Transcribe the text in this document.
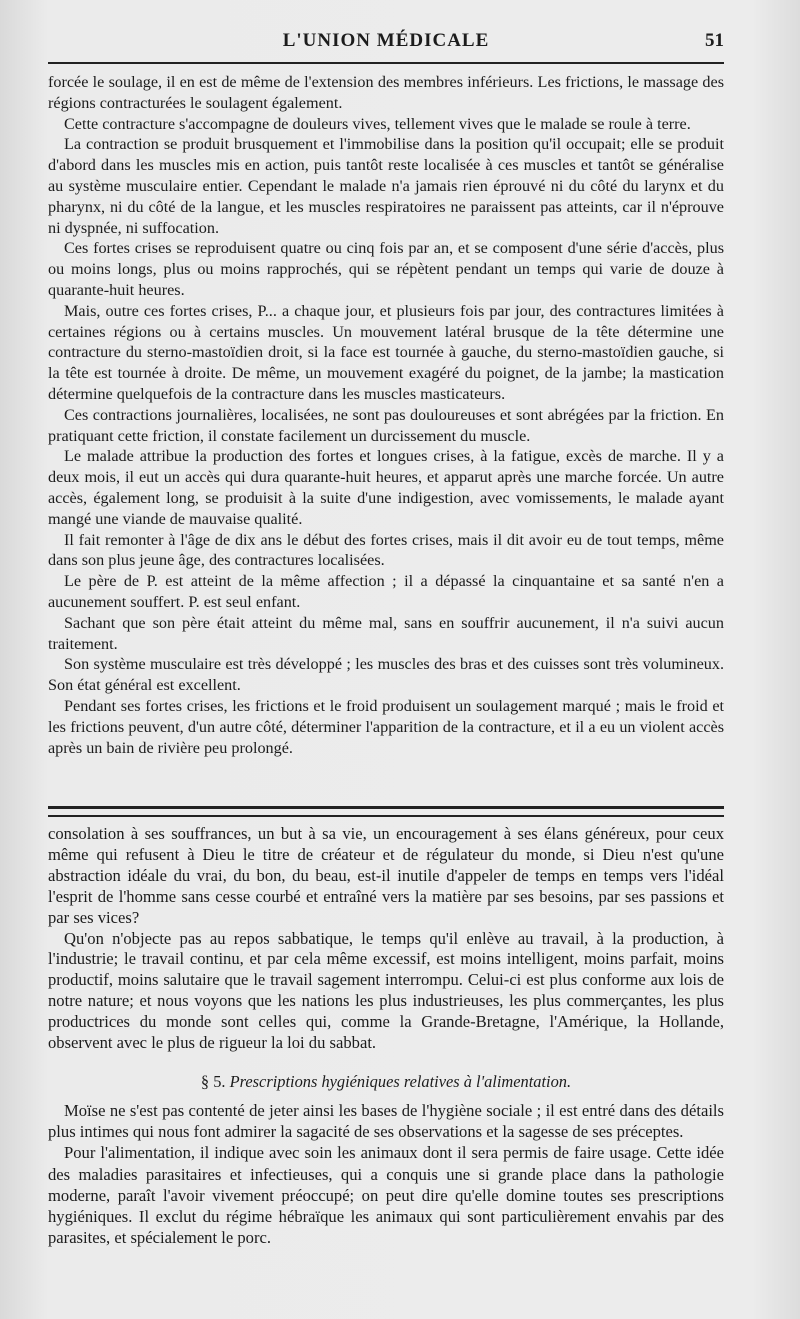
L'UNION MÉDICALE	51

forcée le soulage, il en est de même de l'extension des membres inférieurs. Les frictions, le massage des régions contracturées le soulagent également.

Cette contracture s'accompagne de douleurs vives, tellement vives que le malade se roule à terre.

La contraction se produit brusquement et l'immobilise dans la position qu'il occupait; elle se produit d'abord dans les muscles mis en action, puis tantôt reste localisée à ces muscles et tantôt se généralise au système musculaire entier. Cependant le malade n'a jamais rien éprouvé ni du côté du larynx et du pharynx, ni du côté de la langue, et les muscles respiratoires ne paraissent pas atteints, car il n'éprouve ni dyspnée, ni suffocation.

Ces fortes crises se reproduisent quatre ou cinq fois par an, et se composent d'une série d'accès, plus ou moins longs, plus ou moins rapprochés, qui se répètent pendant un temps qui varie de douze à quarante-huit heures.

Mais, outre ces fortes crises, P... a chaque jour, et plusieurs fois par jour, des contractures limitées à certaines régions ou à certains muscles. Un mouvement latéral brusque de la tête détermine une contracture du sterno-mastoïdien droit, si la face est tournée à gauche, du sterno-mastoïdien gauche, si la tête est tournée à droite. De même, un mouvement exagéré du poignet, de la jambe; la mastication détermine quelquefois de la contracture dans les muscles masticateurs.

Ces contractions journalières, localisées, ne sont pas douloureuses et sont abrégées par la friction. En pratiquant cette friction, il constate facilement un durcissement du muscle.

Le malade attribue la production des fortes et longues crises, à la fatigue, excès de marche. Il y a deux mois, il eut un accès qui dura quarante-huit heures, et apparut après une marche forcée. Un autre accès, également long, se produisit à la suite d'une indigestion, avec vomissements, le malade ayant mangé une viande de mauvaise qualité.

Il fait remonter à l'âge de dix ans le début des fortes crises, mais il dit avoir eu de tout temps, même dans son plus jeune âge, des contractures localisées.

Le père de P. est atteint de la même affection ; il a dépassé la cinquantaine et sa santé n'en a aucunement souffert. P. est seul enfant.

Sachant que son père était atteint du même mal, sans en souffrir aucunement, il n'a suivi aucun traitement.

Son système musculaire est très développé ; les muscles des bras et des cuisses sont très volumineux. Son état général est excellent.

Pendant ses fortes crises, les frictions et le froid produisent un soulagement marqué ; mais le froid et les frictions peuvent, d'un autre côté, déterminer l'apparition de la contracture, et il a eu un violent accès après un bain de rivière peu prolongé.

consolation à ses souffrances, un but à sa vie, un encouragement à ses élans généreux, pour ceux même qui refusent à Dieu le titre de créateur et de régulateur du monde, si Dieu n'est qu'une abstraction idéale du vrai, du bon, du beau, est-il inutile d'appeler de temps en temps vers l'idéal l'esprit de l'homme sans cesse courbé et entraîné vers la matière par ses besoins, par ses passions et par ses vices?

Qu'on n'objecte pas au repos sabbatique, le temps qu'il enlève au travail, à la production, à l'industrie; le travail continu, et par cela même excessif, est moins intelligent, moins parfait, moins productif, moins salutaire que le travail sagement interrompu. Celui-ci est plus conforme aux lois de notre nature; et nous voyons que les nations les plus industrieuses, les plus commerçantes, les plus productrices du monde sont celles qui, comme la Grande-Bretagne, l'Amérique, la Hollande, observent avec le plus de rigueur la loi du sabbat.

§ 5. Prescriptions hygiéniques relatives à l'alimentation.

Moïse ne s'est pas contenté de jeter ainsi les bases de l'hygiène sociale ; il est entré dans des détails plus intimes qui nous font admirer la sagacité de ses observations et la sagesse de ses préceptes.

Pour l'alimentation, il indique avec soin les animaux dont il sera permis de faire usage. Cette idée des maladies parasitaires et infectieuses, qui a conquis une si grande place dans la pathologie moderne, paraît l'avoir vivement préoccupé; on peut dire qu'elle domine toutes ses prescriptions hygiéniques. Il exclut du régime hébraïque les animaux qui sont particulièrement envahis par des parasites, et spécialement le porc.
